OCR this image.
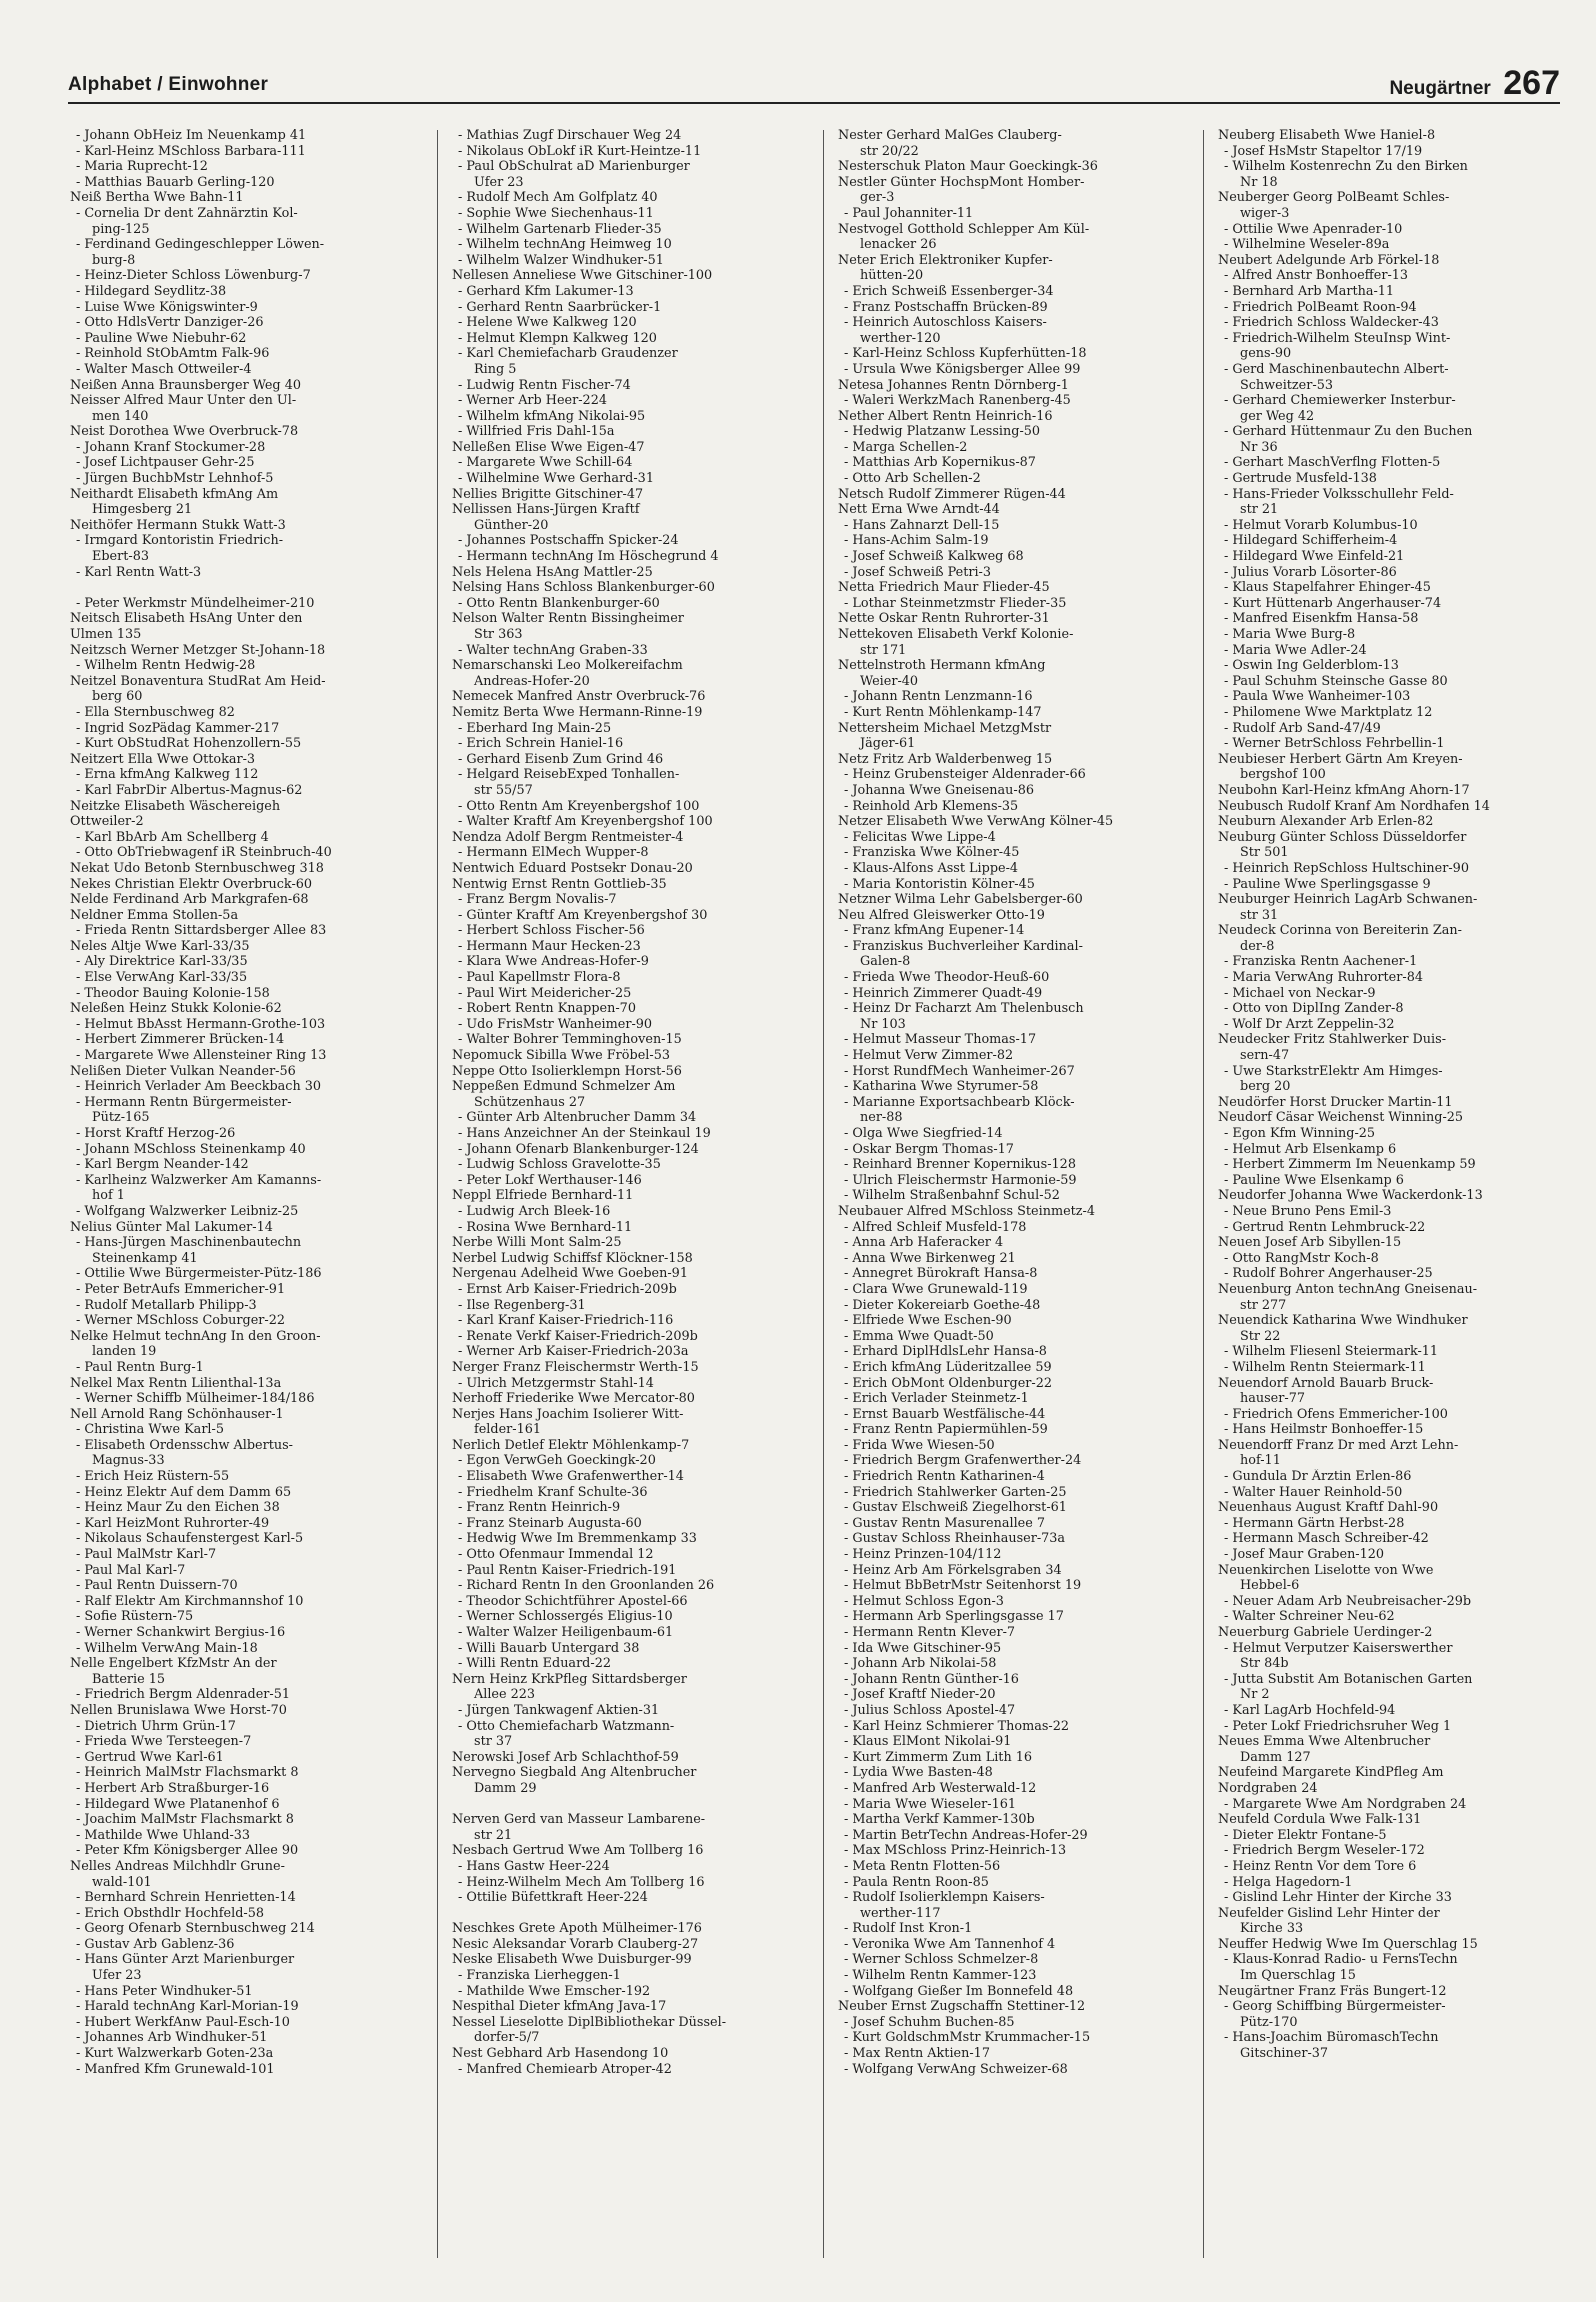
Alphabet / Einwohner	Neugärtner 267
- Johann ObHeiz Im Neuenkamp 41
- Karl-Heinz MSchloss Barbara-111
- Maria Ruprecht-12
- Matthias Bauarb Gerling-120
Neiß Bertha Wwe Bahn-11
- Cornelia Dr dent Zahnärztin Kol-
ping-125
- Ferdinand Gedingeschlepper Löwen-
burg-8
- Heinz-Dieter Schloss Löwenburg-7
- Hildegard Seydlitz-38
- Luise Wwe Königswinter-9
- Otto HdlsVertr Danziger-26
- Pauline Wwe Niebuhr-62
- Reinhold StObAmtm Falk-96
- Walter Masch Ottweiler-4
Neißen Anna Braunsberger Weg 40
Neisser Alfred Maur Unter den Ul-
men 140
Neist Dorothea Wwe Overbruck-78
- Johann Kranf Stockumer-28
- Josef Lichtpauser Gehr-25
- Jürgen BuchbMstr Lehnhof-5
Neithardt Elisabeth kfmAng Am
Himgesberg 21
Neithöfer Hermann Stukk Watt-3
- Irmgard Kontoristin Friedrich-
Ebert-83
- Karl Rentn Watt-3

- Peter Werkmstr Mündelheimer-210
Neitsch Elisabeth HsAng Unter den
Ulmen 135
Neitzsch Werner Metzger St-Johann-18
- Wilhelm Rentn Hedwig-28
Neitzel Bonaventura StudRat Am Heid-
berg 60
- Ella Sternbuschweg 82
- Ingrid SozPädag Kammer-217
- Kurt ObStudRat Hohenzollern-55
Neitzert Ella Wwe Ottokar-3
- Erna kfmAng Kalkweg 112
- Karl FabrDir Albertus-Magnus-62
Neitzke Elisabeth Wäschereigeh
Ottweiler-2
- Karl BbArb Am Schellberg 4
- Otto ObTriebwagenf iR Steinbruch-40
Nekat Udo Betonb Sternbuschweg 318
Nekes Christian Elektr Overbruck-60
Nelde Ferdinand Arb Markgrafen-68
Neldner Emma Stollen-5a
- Frieda Rentn Sittardsberger Allee 83
Neles Altje Wwe Karl-33/35
- Aly Direktrice Karl-33/35
- Else VerwAng Karl-33/35
- Theodor Bauing Kolonie-158
Neleßen Heinz Stukk Kolonie-62
- Helmut BbAsst Hermann-Grothe-103
- Herbert Zimmerer Brücken-14
- Margarete Wwe Allensteiner Ring 13
Nelißen Dieter Vulkan Neander-56
- Heinrich Verlader Am Beeckbach 30
- Hermann Rentn Bürgermeister-
Pütz-165
- Horst Kraftf Herzog-26
- Johann MSchloss Steinenkamp 40
- Karl Bergm Neander-142
- Karlheinz Walzwerker Am Kamanns-
hof 1
- Wolfgang Walzwerker Leibniz-25
Nelius Günter Mal Lakumer-14
- Hans-Jürgen Maschinenbautechn
Steinenkamp 41
- Ottilie Wwe Bürgermeister-Pütz-186
- Peter BetrAufs Emmericher-91
- Rudolf Metallarb Philipp-3
- Werner MSchloss Coburger-22
Nelke Helmut technAng In den Groon-
landen 19
- Paul Rentn Burg-1
Nelkel Max Rentn Lilienthal-13a
- Werner Schiffb Mülheimer-184/186
Nell Arnold Rang Schönhauser-1
- Christina Wwe Karl-5
- Elisabeth Ordensschw Albertus-
Magnus-33
- Erich Heiz Rüstern-55
- Heinz Elektr Auf dem Damm 65
- Heinz Maur Zu den Eichen 38
- Karl HeizMont Ruhrorter-49
- Nikolaus Schaufenstergest Karl-5
- Paul MalMstr Karl-7
- Paul Mal Karl-7
- Paul Rentn Duissern-70
- Ralf Elektr Am Kirchmannshof 10
- Sofie Rüstern-75
- Werner Schankwirt Bergius-16
- Wilhelm VerwAng Main-18
Nelle Engelbert KfzMstr An der
Batterie 15
- Friedrich Bergm Aldenrader-51
Nellen Brunislawa Wwe Horst-70
- Dietrich Uhrm Grün-17
- Frieda Wwe Tersteegen-7
- Gertrud Wwe Karl-61
- Heinrich MalMstr Flachsmarkt 8
- Herbert Arb Straßburger-16
- Hildegard Wwe Platanenhof 6
- Joachim MalMstr Flachsmarkt 8
- Mathilde Wwe Uhland-33
- Peter Kfm Königsberger Allee 90
Nelles Andreas Milchhdlr Grune-
wald-101
- Bernhard Schrein Henrietten-14
- Erich Obsthdlr Hochfeld-58
- Georg Ofenarb Sternbuschweg 214
- Gustav Arb Gablenz-36
- Hans Günter Arzt Marienburger
Ufer 23
- Hans Peter Windhuker-51
- Harald technAng Karl-Morian-19
- Hubert WerkfAnw Paul-Esch-10
- Johannes Arb Windhuker-51
- Kurt Walzwerkarb Goten-23a
- Manfred Kfm Grunewald-101
- Mathias Zugf Dirschauer Weg 24
- Nikolaus ObLokf iR Kurt-Heintze-11
- Paul ObSchulrat aD Marienburger
Ufer 23
- Rudolf Mech Am Golfplatz 40
- Sophie Wwe Siechenhaus-11
- Wilhelm Gartenarb Flieder-35
- Wilhelm technAng Heimweg 10
- Wilhelm Walzer Windhuker-51
Nellesen Anneliese Wwe Gitschiner-100
- Gerhard Kfm Lakumer-13
- Gerhard Rentn Saarbrücker-1
- Helene Wwe Kalkweg 120
- Helmut Klempn Kalkweg 120
- Karl Chemiefacharb Graudenzer
Ring 5
- Ludwig Rentn Fischer-74
- Werner Arb Heer-224
- Wilhelm kfmAng Nikolai-95
- Willfried Fris Dahl-15a
Nelleßen Elise Wwe Eigen-47
- Margarete Wwe Schill-64
- Wilhelmine Wwe Gerhard-31
Nellies Brigitte Gitschiner-47
Nellissen Hans-Jürgen Kraftf
Günther-20
- Johannes Postschaffn Spicker-24
- Hermann technAng Im Höschegrund 4
Nels Helena HsAng Mattler-25
Nelsing Hans Schloss Blankenburger-60
- Otto Rentn Blankenburger-60
Nelson Walter Rentn Bissingheimer
Str 363
- Walter technAng Graben-33
Nemarschanski Leo Molkereifachm
Andreas-Hofer-20
Nemecek Manfred Anstr Overbruck-76
Nemitz Berta Wwe Hermann-Rinne-19
- Eberhard Ing Main-25
- Erich Schrein Haniel-16
- Gerhard Eisenb Zum Grind 46
- Helgard ReisebExped Tonhallen-
str 55/57
- Otto Rentn Am Kreyenbergshof 100
- Walter Kraftf Am Kreyenbergshof 100
Nendza Adolf Bergm Rentmeister-4
- Hermann ElMech Wupper-8
Nentwich Eduard Postsekr Donau-20
Nentwig Ernst Rentn Gottlieb-35
- Franz Bergm Novalis-7
- Günter Kraftf Am Kreyenbergshof 30
- Herbert Schloss Fischer-56
- Hermann Maur Hecken-23
- Klara Wwe Andreas-Hofer-9
- Paul Kapellmstr Flora-8
- Paul Wirt Meidericher-25
- Robert Rentn Knappen-70
- Udo FrisMstr Wanheimer-90
- Walter Bohrer Temminghoven-15
Nepomuck Sibilla Wwe Fröbel-53
Neppe Otto Isolierklempn Horst-56
Neppeßen Edmund Schmelzer Am
Schützenhaus 27
- Günter Arb Altenbrucher Damm 34
- Hans Anzeichner An der Steinkaul 19
- Johann Ofenarb Blankenburger-124
- Ludwig Schloss Gravelotte-35
- Peter Lokf Werthauser-146
Neppl Elfriede Bernhard-11
- Ludwig Arch Bleek-16
- Rosina Wwe Bernhard-11
Nerbe Willi Mont Salm-25
Nerbel Ludwig Schiffsf Klöckner-158
Nergenau Adelheid Wwe Goeben-91
- Ernst Arb Kaiser-Friedrich-209b
- Ilse Regenberg-31
- Karl Kranf Kaiser-Friedrich-116
- Renate Verkf Kaiser-Friedrich-209b
- Werner Arb Kaiser-Friedrich-203a
Nerger Franz Fleischermstr Werth-15
- Ulrich Metzgermstr Stahl-14
Nerhoff Friederike Wwe Mercator-80
Nerjes Hans Joachim Isolierer Witt-
felder-161
Nerlich Detlef Elektr Möhlenkamp-7
- Egon VerwGeh Goeckingk-20
- Elisabeth Wwe Grafenwerther-14
- Friedhelm Kranf Schulte-36
- Franz Rentn Heinrich-9
- Franz Steinarb Augusta-60
- Hedwig Wwe Im Bremmenkamp 33
- Otto Ofenmaur Immendal 12
- Paul Rentn Kaiser-Friedrich-191
- Richard Rentn In den Groonlanden 26
- Theodor Schichtführer Apostel-66
- Werner Schlossergés Eligius-10
- Walter Walzer Heiligenbaum-61
- Willi Bauarb Untergard 38
- Willi Rentn Eduard-22
Nern Heinz KrkPfleg Sittardsberger
Allee 223
- Jürgen Tankwagenf Aktien-31
- Otto Chemiefacharb Watzmann-
str 37
Nerowski Josef Arb Schlachthof-59
Nervegno Siegbald Ang Altenbrucher
Damm 29

Nerven Gerd van Masseur Lambarene-
str 21
Nesbach Gertrud Wwe Am Tollberg 16
- Hans Gastw Heer-224
- Heinz-Wilhelm Mech Am Tollberg 16
- Ottilie Büfettkraft Heer-224

Neschkes Grete Apoth Mülheimer-176
Nesic Aleksandar Vorarb Clauberg-27
Neske Elisabeth Wwe Duisburger-99
- Franziska Lierheggen-1
- Mathilde Wwe Emscher-192
Nespithal Dieter kfmAng Java-17
Nessel Lieselotte DiplBibliothekar Düssel-
dorfer-5/7
Nest Gebhard Arb Hasendong 10
- Manfred Chemiearb Atroper-42
Nester Gerhard MalGes Clauberg-
str 20/22
Nesterschuk Platon Maur Goeckingk-36
Nestler Günter HochspMont Homber-
ger-3
- Paul Johanniter-11
Nestvogel Gotthold Schlepper Am Kül-
lenacker 26
Neter Erich Elektroniker Kupfer-
hütten-20
- Erich Schweiß Essenberger-34
- Franz Postschaffn Brücken-89
- Heinrich Autoschloss Kaisers-
werther-120
- Karl-Heinz Schloss Kupferhütten-18
- Ursula Wwe Königsberger Allee 99
Netesa Johannes Rentn Dörnberg-1
- Waleri WerkzMach Ranenberg-45
Nether Albert Rentn Heinrich-16
- Hedwig Platzanw Lessing-50
- Marga Schellen-2
- Matthias Arb Kopernikus-87
- Otto Arb Schellen-2
Netsch Rudolf Zimmerer Rügen-44
Nett Erna Wwe Arndt-44
- Hans Zahnarzt Dell-15
- Hans-Achim Salm-19
- Josef Schweiß Kalkweg 68
- Josef Schweiß Petri-3
Netta Friedrich Maur Flieder-45
- Lothar Steinmetzmstr Flieder-35
Nette Oskar Rentn Ruhrorter-31
Nettekoven Elisabeth Verkf Kolonie-
str 171
Nettelnstroth Hermann kfmAng
Weier-40
- Johann Rentn Lenzmann-16
- Kurt Rentn Möhlenkamp-147
Nettersheim Michael MetzgMstr
Jäger-61
Netz Fritz Arb Walderbenweg 15
- Heinz Grubensteiger Aldenrader-66
- Johanna Wwe Gneisenau-86
- Reinhold Arb Klemens-35
Netzer Elisabeth Wwe VerwAng Kölner-45
- Felicitas Wwe Lippe-4
- Franziska Wwe Kölner-45
- Klaus-Alfons Asst Lippe-4
- Maria Kontoristin Kölner-45
Netzner Wilma Lehr Gabelsberger-60
Neu Alfred Gleiswerker Otto-19
- Franz kfmAng Eupener-14
- Franziskus Buchverleiher Kardinal-
Galen-8
- Frieda Wwe Theodor-Heuß-60
- Heinrich Zimmerer Quadt-49
- Heinz Dr Facharzt Am Thelenbusch
Nr 103
- Helmut Masseur Thomas-17
- Helmut Verw Zimmer-82
- Horst RundfMech Wanheimer-267
- Katharina Wwe Styrumer-58
- Marianne Exportsachbearb Klöck-
ner-88
- Olga Wwe Siegfried-14
- Oskar Bergm Thomas-17
- Reinhard Brenner Kopernikus-128
- Ulrich Fleischermstr Harmonie-59
- Wilhelm Straßenbahnf Schul-52
Neubauer Alfred MSchloss Steinmetz-4
- Alfred Schleif Musfeld-178
- Anna Arb Haferacker 4
- Anna Wwe Birkenweg 21
- Annegret Bürokraft Hansa-8
- Clara Wwe Grunewald-119
- Dieter Kokereiarb Goethe-48
- Elfriede Wwe Eschen-90
- Emma Wwe Quadt-50
- Erhard DiplHdlsLehr Hansa-8
- Erich kfmAng Lüderitzallee 59
- Erich ObMont Oldenburger-22
- Erich Verlader Steinmetz-1
- Ernst Bauarb Westfälische-44
- Franz Rentn Papiermühlen-59
- Frida Wwe Wiesen-50
- Friedrich Bergm Grafenwerther-24
- Friedrich Rentn Katharinen-4
- Friedrich Stahlwerker Garten-25
- Gustav Elschweiß Ziegelhorst-61
- Gustav Rentn Masurenallee 7
- Gustav Schloss Rheinhauser-73a
- Heinz Prinzen-104/112
- Heinz Arb Am Förkelsgraben 34
- Helmut BbBetrMstr Seitenhorst 19
- Helmut Schloss Egon-3
- Hermann Arb Sperlingsgasse 17
- Hermann Rentn Klever-7
- Ida Wwe Gitschiner-95
- Johann Arb Nikolai-58
- Johann Rentn Günther-16
- Josef Kraftf Nieder-20
- Julius Schloss Apostel-47
- Karl Heinz Schmierer Thomas-22
- Klaus ElMont Nikolai-91
- Kurt Zimmerm Zum Lith 16
- Lydia Wwe Basten-48
- Manfred Arb Westerwald-12
- Maria Wwe Wieseler-161
- Martha Verkf Kammer-130b
- Martin BetrTechn Andreas-Hofer-29
- Max MSchloss Prinz-Heinrich-13
- Meta Rentn Flotten-56
- Paula Rentn Roon-85
- Rudolf Isolierklempn Kaisers-
werther-117
- Rudolf Inst Kron-1
- Veronika Wwe Am Tannenhof 4
- Werner Schloss Schmelzer-8
- Wilhelm Rentn Kammer-123
- Wolfgang Gießer Im Bonnefeld 48
Neuber Ernst Zugschaffn Stettiner-12
- Josef Schuhm Buchen-85
- Kurt GoldschmMstr Krummacher-15
- Max Rentn Aktien-17
- Wolfgang VerwAng Schweizer-68
Neuberg Elisabeth Wwe Haniel-8
- Josef HsMstr Stapeltor 17/19
- Wilhelm Kostenrechn Zu den Birken
Nr 18
Neuberger Georg PolBeamt Schles-
wiger-3
- Ottilie Wwe Apenrader-10
- Wilhelmine Weseler-89a
Neubert Adelgunde Arb Förkel-18
- Alfred Anstr Bonhoeffer-13
- Bernhard Arb Martha-11
- Friedrich PolBeamt Roon-94
- Friedrich Schloss Waldecker-43
- Friedrich-Wilhelm SteuInsp Wint-
gens-90
- Gerd Maschinenbautechn Albert-
Schweitzer-53
- Gerhard Chemiewerker Insterbur-
ger Weg 42
- Gerhard Hüttenmaur Zu den Buchen
Nr 36
- Gerhart MaschVerflng Flotten-5
- Gertrude Musfeld-138
- Hans-Frieder Volksschullehr Feld-
str 21
- Helmut Vorarb Kolumbus-10
- Hildegard Schifferheim-4
- Hildegard Wwe Einfeld-21
- Julius Vorarb Lösorter-86
- Klaus Stapelfahrer Ehinger-45
- Kurt Hüttenarb Angerhauser-74
- Manfred Eisenkfm Hansa-58
- Maria Wwe Burg-8
- Maria Wwe Adler-24
- Oswin Ing Gelderblom-13
- Paul Schuhm Steinsche Gasse 80
- Paula Wwe Wanheimer-103
- Philomene Wwe Marktplatz 12
- Rudolf Arb Sand-47/49
- Werner BetrSchloss Fehrbellin-1
Neubieser Herbert Gärtn Am Kreyen-
bergshof 100
Neubohn Karl-Heinz kfmAng Ahorn-17
Neubusch Rudolf Kranf Am Nordhafen 14
Neuburn Alexander Arb Erlen-82
Neuburg Günter Schloss Düsseldorfer
Str 501
- Heinrich RepSchloss Hultschiner-90
- Pauline Wwe Sperlingsgasse 9
Neuburger Heinrich LagArb Schwanen-
str 31
Neudeck Corinna von Bereiterin Zan-
der-8
- Franziska Rentn Aachener-1
- Maria VerwAng Ruhrorter-84
- Michael von Neckar-9
- Otto von DiplIng Zander-8
- Wolf Dr Arzt Zeppelin-32
Neudecker Fritz Stahlwerker Duis-
sern-47
- Uwe StarkstrElektr Am Himges-
berg 20
Neudörfer Horst Drucker Martin-11
Neudorf Cäsar Weichenst Winning-25
- Egon Kfm Winning-25
- Helmut Arb Elsenkamp 6
- Herbert Zimmerm Im Neuenkamp 59
- Pauline Wwe Elsenkamp 6
Neudorfer Johanna Wwe Wackerdonk-13
- Neue Bruno Pens Emil-3
- Gertrud Rentn Lehmbruck-22
Neuen Josef Arb Sibyllen-15
- Otto RangMstr Koch-8
- Rudolf Bohrer Angerhauser-25
Neuenburg Anton technAng Gneisenau-
str 277
Neuendick Katharina Wwe Windhuker
Str 22
- Wilhelm Fliesenl Steiermark-11
- Wilhelm Rentn Steiermark-11
Neuendorf Arnold Bauarb Bruck-
hauser-77
- Friedrich Ofens Emmericher-100
- Hans Heilmstr Bonhoeffer-15
Neuendorff Franz Dr med Arzt Lehn-
hof-11
- Gundula Dr Ärztin Erlen-86
- Walter Hauer Reinhold-50
Neuenhaus August Kraftf Dahl-90
- Hermann Gärtn Herbst-28
- Hermann Masch Schreiber-42
- Josef Maur Graben-120
Neuenkirchen Liselotte von Wwe
Hebbel-6
- Neuer Adam Arb Neubreisacher-29b
- Walter Schreiner Neu-62
Neuerburg Gabriele Uerdinger-2
- Helmut Verputzer Kaiserswerther
Str 84b
- Jutta Substit Am Botanischen Garten
Nr 2
- Karl LagArb Hochfeld-94
- Peter Lokf Friedrichsruher Weg 1
Neues Emma Wwe Altenbrucher
Damm 127
Neufeind Margarete KindPfleg Am
Nordgraben 24
- Margarete Wwe Am Nordgraben 24
Neufeld Cordula Wwe Falk-131
- Dieter Elektr Fontane-5
- Friedrich Bergm Weseler-172
- Heinz Rentn Vor dem Tore 6
- Helga Hagedorn-1
- Gislind Lehr Hinter der Kirche 33
Neufelder Gislind Lehr Hinter der
Kirche 33
Neuffer Hedwig Wwe Im Querschlag 15
- Klaus-Konrad Radio- u FernsTechn
Im Querschlag 15
Neugärtner Franz Fräs Bungert-12
- Georg Schiffbing Bürgermeister-
Pütz-170
- Hans-Joachim BüromaschTechn
Gitschiner-37
